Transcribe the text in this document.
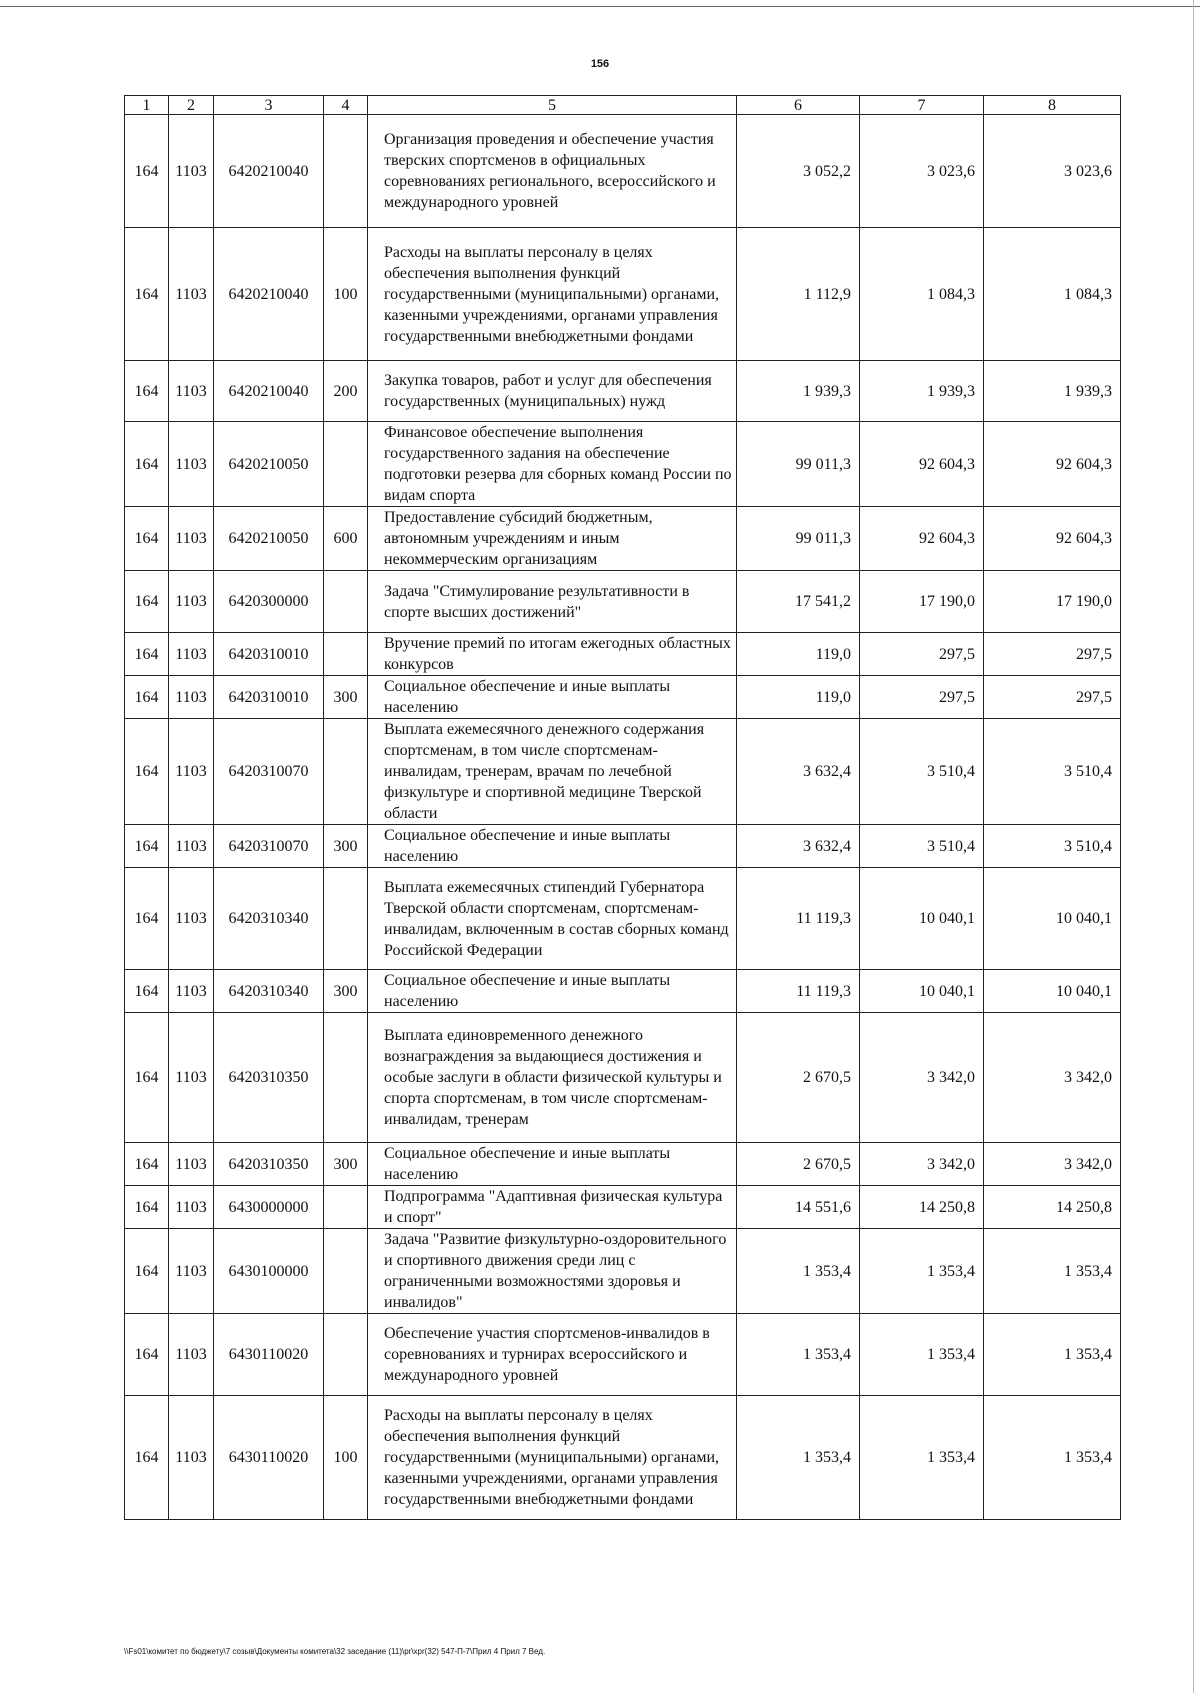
156
1	2	3	4	5	6	7	8
164	1103	6420210040		Организация проведения и обеспечение участия тверских спортсменов в официальных соревнованиях регионального, всероссийского и международного уровней	3 052,2	3 023,6	3 023,6
164	1103	6420210040	100	Расходы на выплаты персоналу в целях обеспечения выполнения функций государственными (муниципальными) органами, казенными учреждениями, органами управления государственными внебюджетными фондами	1 112,9	1 084,3	1 084,3
164	1103	6420210040	200	Закупка товаров, работ и услуг для обеспечения государственных (муниципальных) нужд	1 939,3	1 939,3	1 939,3
164	1103	6420210050		Финансовое обеспечение выполнения государственного задания на обеспечение подготовки резерва для сборных команд России по видам спорта	99 011,3	92 604,3	92 604,3
164	1103	6420210050	600	Предоставление субсидий бюджетным, автономным учреждениям и иным некоммерческим организациям	99 011,3	92 604,3	92 604,3
164	1103	6420300000		Задача "Стимулирование результативности в спорте высших достижений"	17 541,2	17 190,0	17 190,0
164	1103	6420310010		Вручение премий по итогам ежегодных областных конкурсов	119,0	297,5	297,5
164	1103	6420310010	300	Социальное обеспечение и иные выплаты населению	119,0	297,5	297,5
164	1103	6420310070		Выплата ежемесячного денежного содержания спортсменам, в том числе спортсменам-инвалидам, тренерам, врачам по лечебной физкультуре и спортивной медицине Тверской области	3 632,4	3 510,4	3 510,4
164	1103	6420310070	300	Социальное обеспечение и иные выплаты населению	3 632,4	3 510,4	3 510,4
164	1103	6420310340		Выплата ежемесячных стипендий Губернатора Тверской области спортсменам, спортсменам-инвалидам, включенным в состав сборных команд Российской Федерации	11 119,3	10 040,1	10 040,1
164	1103	6420310340	300	Социальное обеспечение и иные выплаты населению	11 119,3	10 040,1	10 040,1
164	1103	6420310350		Выплата единовременного денежного вознаграждения за выдающиеся достижения и особые заслуги в области физической культуры и спорта спортсменам, в том числе спортсменам-инвалидам, тренерам	2 670,5	3 342,0	3 342,0
164	1103	6420310350	300	Социальное обеспечение и иные выплаты населению	2 670,5	3 342,0	3 342,0
164	1103	6430000000		Подпрограмма "Адаптивная физическая культура и спорт"	14 551,6	14 250,8	14 250,8
164	1103	6430100000		Задача "Развитие физкультурно-оздоровительного и спортивного движения среди лиц с ограниченными возможностями здоровья и инвалидов"	1 353,4	1 353,4	1 353,4
164	1103	6430110020		Обеспечение участия спортсменов-инвалидов в соревнованиях и турнирах всероссийского и международного уровней	1 353,4	1 353,4	1 353,4
164	1103	6430110020	100	Расходы на выплаты персоналу в целях обеспечения выполнения функций государственными (муниципальными) органами, казенными учреждениями, органами управления государственными внебюджетными фондами	1 353,4	1 353,4	1 353,4
\\Fs01\комитет по бюджету\7 созыв\Документы комитета\32 заседание (11)\pr\xpr(32) 547-П-7\Прил 4 Прил 7 Вед.
